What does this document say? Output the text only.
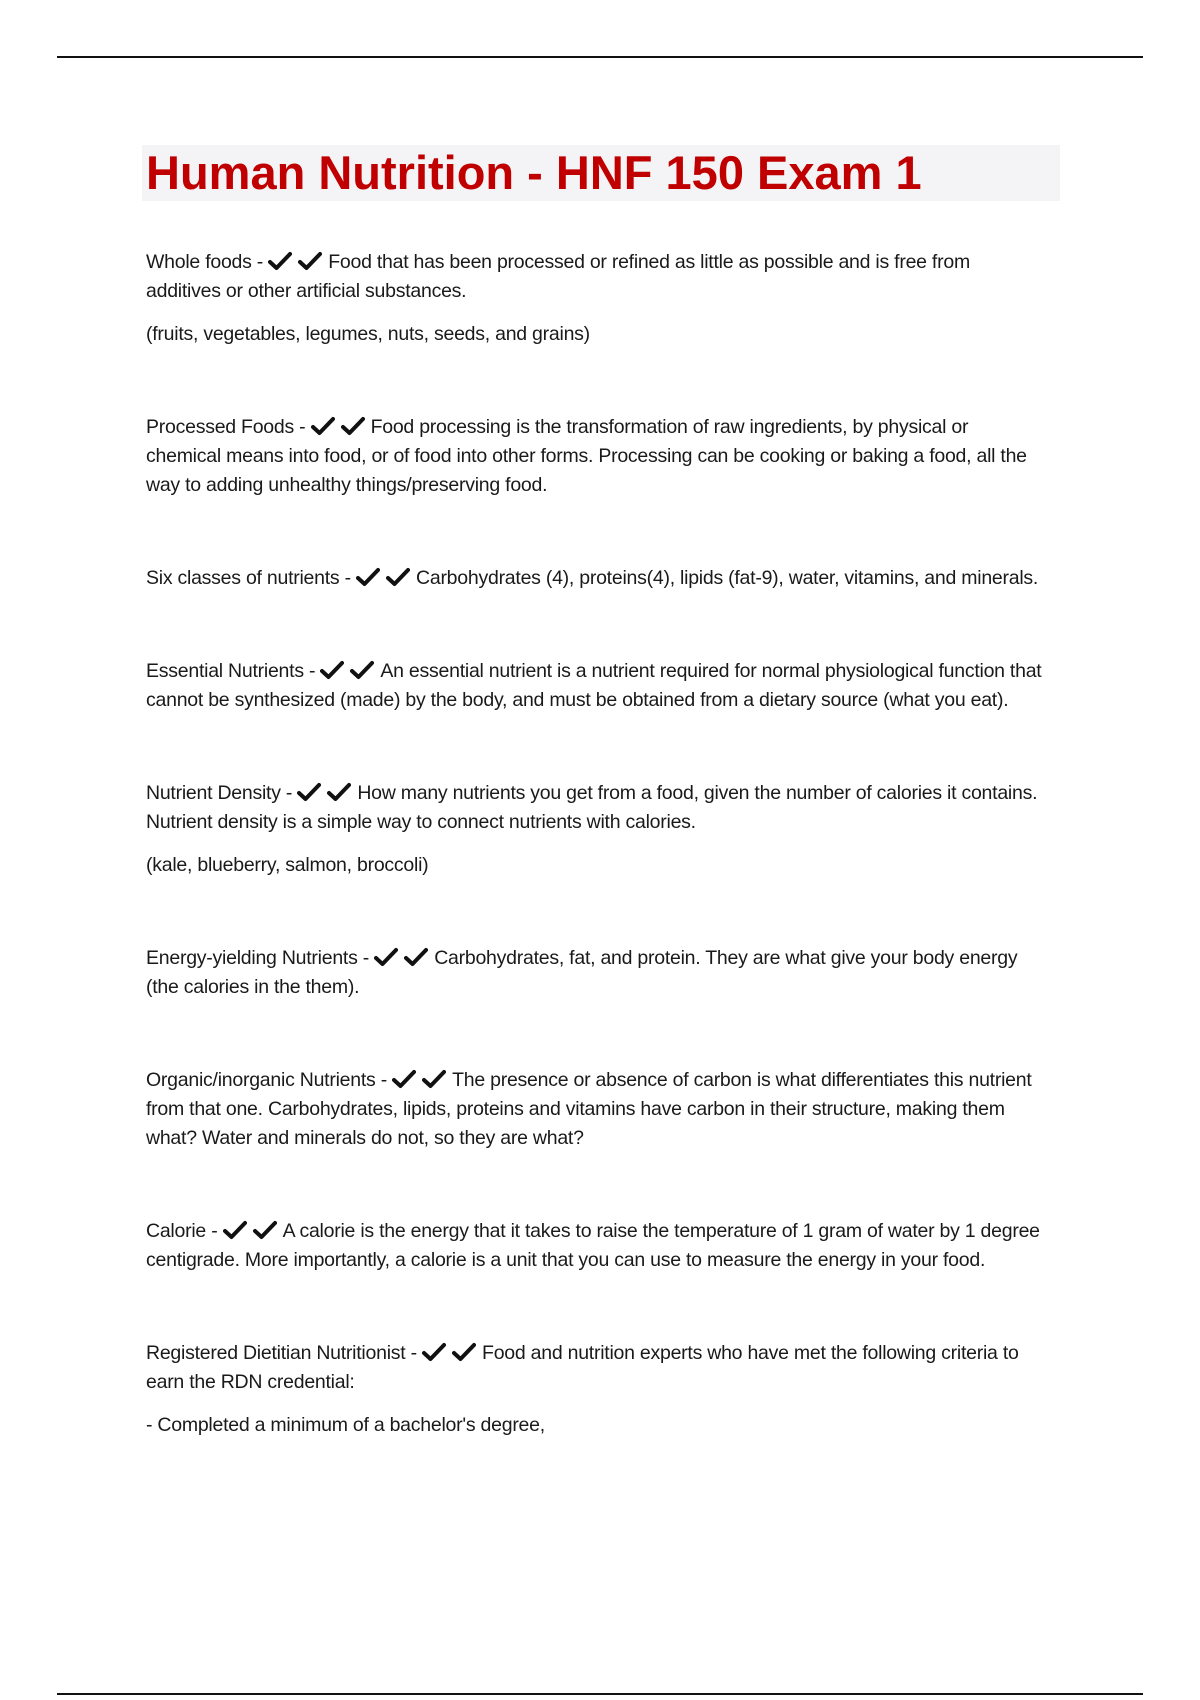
Human Nutrition - HNF 150 Exam 1

Whole foods -	Food that has been processed or refined as little as possible and is free from additives or other artificial substances.

(fruits, vegetables, legumes, nuts, seeds, and grains)

Processed Foods -	Food processing is the transformation of raw ingredients, by physical or chemical means into food, or of food into other forms. Processing can be cooking or baking a food, all the way to adding unhealthy things/preserving food.

Six classes of nutrients -	Carbohydrates (4), proteins(4), lipids (fat-9), water, vitamins, and minerals.

Essential Nutrients -	An essential nutrient is a nutrient required for normal physiological function that cannot be synthesized (made) by the body, and must be obtained from a dietary source (what you eat).

Nutrient Density -	How many nutrients you get from a food, given the number of calories it contains. Nutrient density is a simple way to connect nutrients with calories.

(kale, blueberry, salmon, broccoli)

Energy-yielding Nutrients -	Carbohydrates, fat, and protein. They are what give your body energy (the calories in the them).

Organic/inorganic Nutrients -	The presence or absence of carbon is what differentiates this nutrient from that one. Carbohydrates, lipids, proteins and vitamins have carbon in their structure, making them what? Water and minerals do not, so they are what?

Calorie -	A calorie is the energy that it takes to raise the temperature of 1 gram of water by 1 degree centigrade. More importantly, a calorie is a unit that you can use to measure the energy in your food.

Registered Dietitian Nutritionist -	Food and nutrition experts who have met the following criteria to earn the RDN credential:

- Completed a minimum of a bachelor's degree,
